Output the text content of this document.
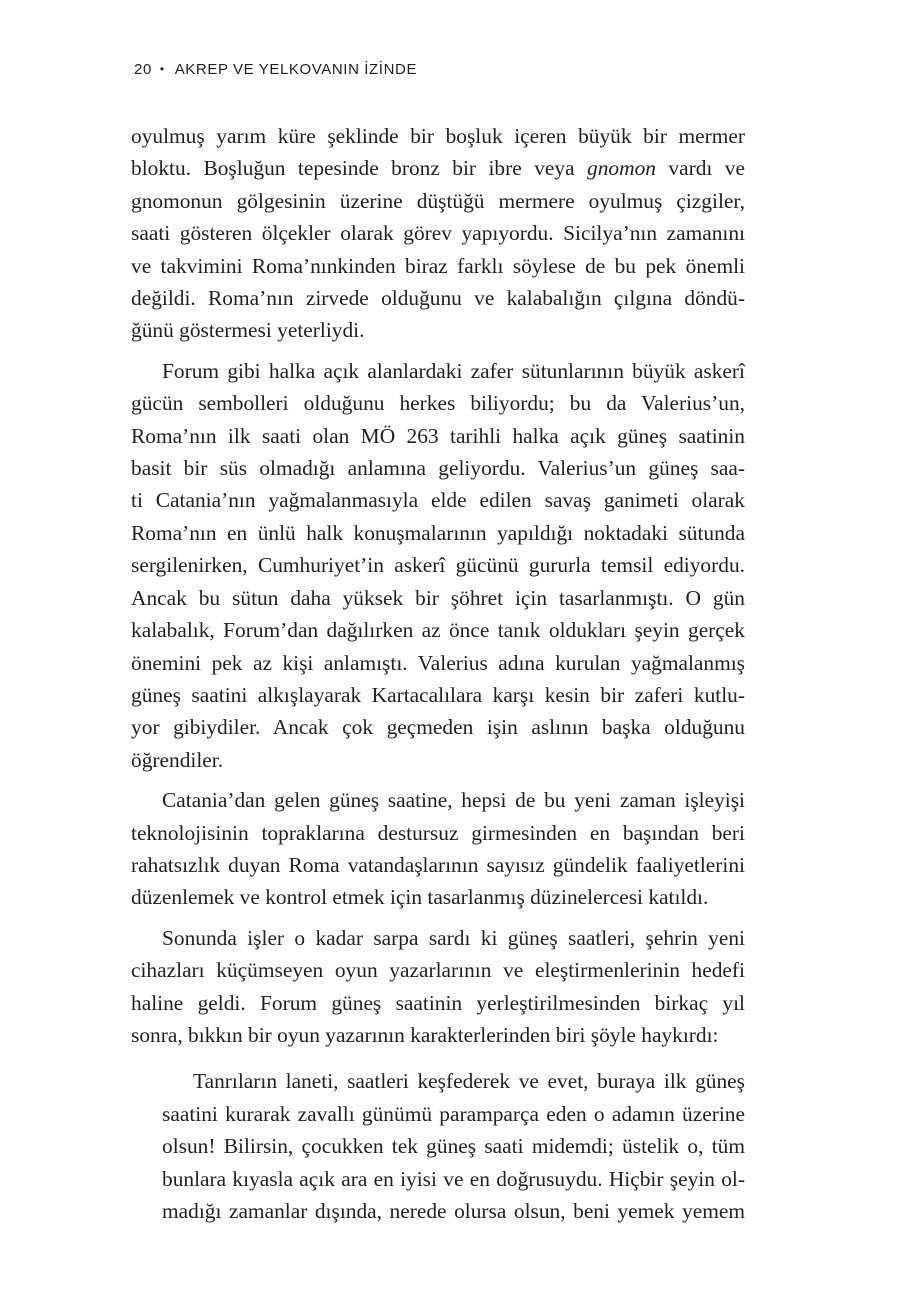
20 • AKREP VE YELKOVANIN İZİNDE

oyulmuş yarım küre şeklinde bir boşluk içeren büyük bir mermer
bloktu. Boşluğun tepesinde bronz bir ibre veya gnomon vardı ve
gnomonun gölgesinin üzerine düştüğü mermere oyulmuş çizgiler,
saati gösteren ölçekler olarak görev yapıyordu. Sicilya’nın zamanını
ve takvimini Roma’nınkinden biraz farklı söylese de bu pek önemli
değildi. Roma’nın zirvede olduğunu ve kalabalığın çılgına döndü-
ğünü göstermesi yeterliydi.

Forum gibi halka açık alanlardaki zafer sütunlarının büyük askerî
gücün sembolleri olduğunu herkes biliyordu; bu da Valerius’un,
Roma’nın ilk saati olan MÖ 263 tarihli halka açık güneş saatinin
basit bir süs olmadığı anlamına geliyordu. Valerius’un güneş saa-
ti Catania’nın yağmalanmasıyla elde edilen savaş ganimeti olarak
Roma’nın en ünlü halk konuşmalarının yapıldığı noktadaki sütunda
sergilenirken, Cumhuriyet’in askerî gücünü gururla temsil ediyordu.
Ancak bu sütun daha yüksek bir şöhret için tasarlanmıştı. O gün
kalabalık, Forum’dan dağılırken az önce tanık oldukları şeyin gerçek
önemini pek az kişi anlamıştı. Valerius adına kurulan yağmalanmış
güneş saatini alkışlayarak Kartacalılara karşı kesin bir zaferi kutlu-
yor gibiydiler. Ancak çok geçmeden işin aslının başka olduğunu
öğrendiler.

Catania’dan gelen güneş saatine, hepsi de bu yeni zaman işleyişi
teknolojisinin topraklarına destursuz girmesinden en başından beri
rahatsızlık duyan Roma vatandaşlarının sayısız gündelik faaliyetlerini
düzenlemek ve kontrol etmek için tasarlanmış düzinelercesi katıldı.

Sonunda işler o kadar sarpa sardı ki güneş saatleri, şehrin yeni
cihazları küçümseyen oyun yazarlarının ve eleştirmenlerinin hedefi
haline geldi. Forum güneş saatinin yerleştirilmesinden birkaç yıl
sonra, bıkkın bir oyun yazarının karakterlerinden biri şöyle haykırdı:

Tanrıların laneti, saatleri keşfederek ve evet, buraya ilk güneş
saatini kurarak zavallı günümü paramparça eden o adamın üzerine
olsun! Bilirsin, çocukken tek güneş saati midemdi; üstelik o, tüm
bunlara kıyasla açık ara en iyisi ve en doğrusuydu. Hiçbir şeyin ol-
madığı zamanlar dışında, nerede olursa olsun, beni yemek yemem
